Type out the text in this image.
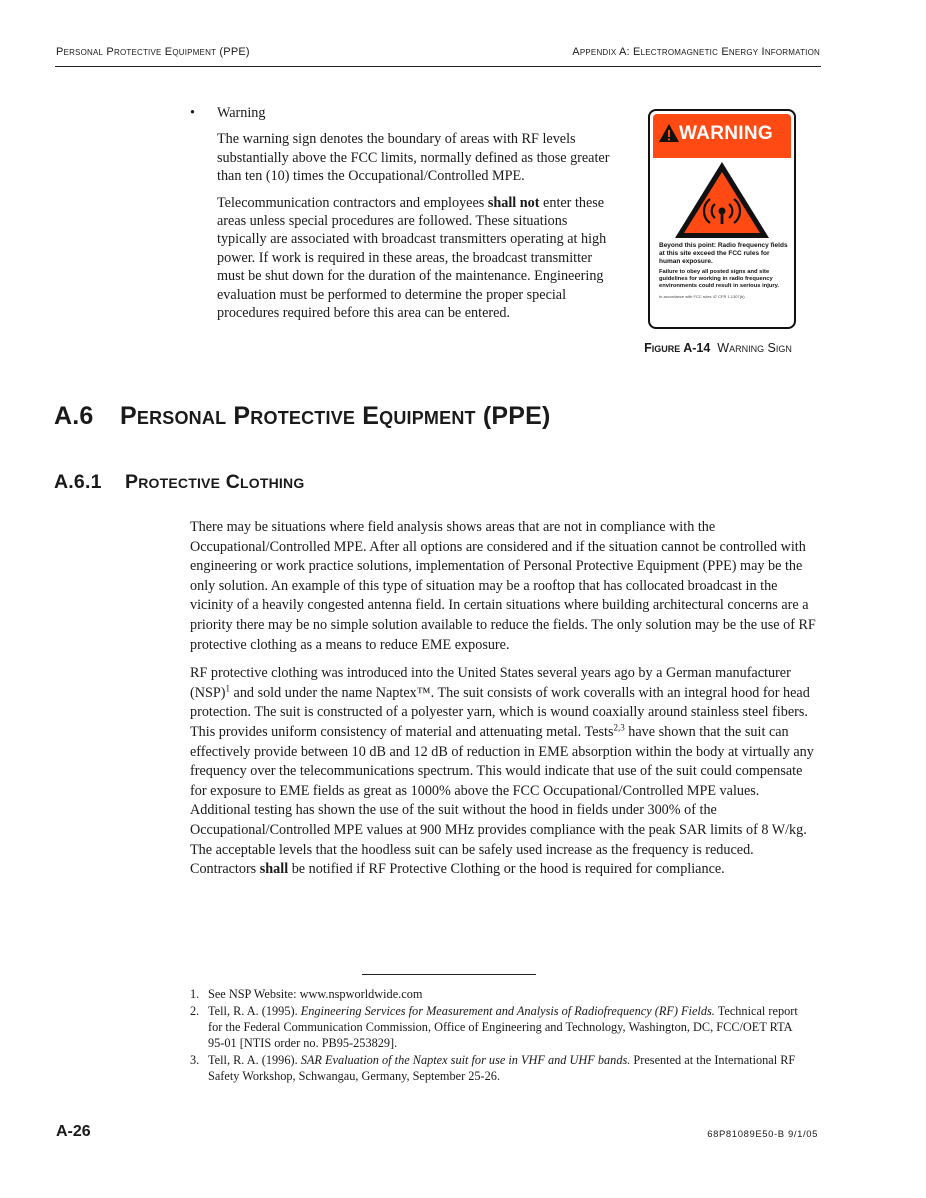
Personal Protective Equipment (PPE)	Appendix A: Electromagnetic Energy Information
•	Warning

The warning sign denotes the boundary of areas with RF levels substantially above the FCC limits, normally defined as those greater than ten (10) times the Occupational/Controlled MPE.

Telecommunication contractors and employees shall not enter these areas unless special procedures are followed. These situations typically are associated with broadcast transmitters operating at high power. If work is required in these areas, the broadcast transmitter must be shut down for the duration of the maintenance. Engineering evaluation must be performed to determine the proper special procedures required before this area can be entered.

WARNING
Beyond this point: Radio frequency fields at this site exceed the FCC rules for human exposure.
Failure to obey all posted signs and site guidelines for working in radio frequency environments could result in serious injury.
In accordance with FCC rules 47 CFR 1.1307(b)
Figure A-14 Warning Sign
A.6 Personal Protective Equipment (PPE)
A.6.1 Protective Clothing

There may be situations where field analysis shows areas that are not in compliance with the Occupational/Controlled MPE. After all options are considered and if the situation cannot be controlled with engineering or work practice solutions, implementation of Personal Protective Equipment (PPE) may be the only solution. An example of this type of situation may be a rooftop that has collocated broadcast in the vicinity of a heavily congested antenna field. In certain situations where building architectural concerns are a priority there may be no simple solution available to reduce the fields. The only solution may be the use of RF protective clothing as a means to reduce EME exposure.

RF protective clothing was introduced into the United States several years ago by a German manufacturer (NSP)$^1$ and sold under the name Naptex™. The suit consists of work coveralls with an integral hood for head protection. The suit is constructed of a polyester yarn, which is wound coaxially around stainless steel fibers. This provides uniform consistency of material and attenuating metal. Tests$^{2,3}$ have shown that the suit can effectively provide between 10 dB and 12 dB of reduction in EME absorption within the body at virtually any frequency over the telecommunications spectrum. This would indicate that use of the suit could compensate for exposure to EME fields as great as 1000% above the FCC Occupational/Controlled MPE values. Additional testing has shown the use of the suit without the hood in fields under 300% of the Occupational/Controlled MPE values at 900 MHz provides compliance with the peak SAR limits of 8 W/kg. The acceptable levels that the hoodless suit can be safely used increase as the frequency is reduced. Contractors shall be notified if RF Protective Clothing or the hood is required for compliance.

1. See NSP Website: www.nspworldwide.com
2. Tell, R. A. (1995). Engineering Services for Measurement and Analysis of Radiofrequency (RF) Fields. Technical report for the Federal Communication Commission, Office of Engineering and Technology, Washington, DC, FCC/OET RTA 95-01 [NTIS order no. PB95-253829].
3. Tell, R. A. (1996). SAR Evaluation of the Naptex suit for use in VHF and UHF bands. Presented at the International RF Safety Workshop, Schwangau, Germany, September 25-26.
A-26	68P81089E50-B 9/1/05
